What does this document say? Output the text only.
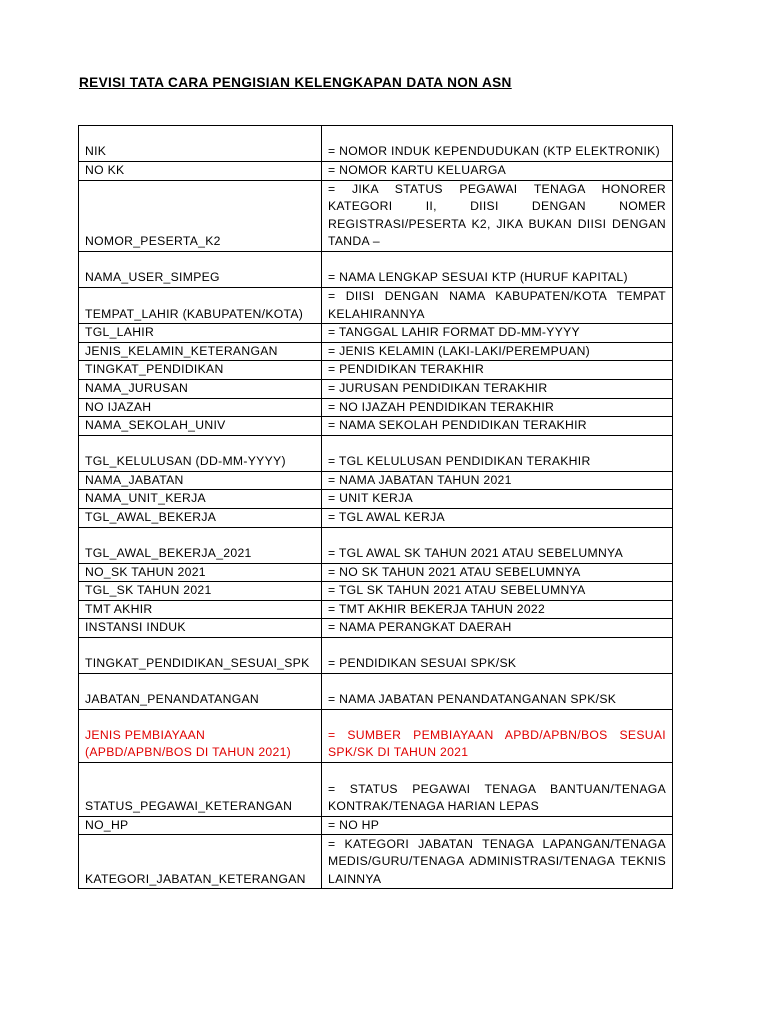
REVISI TATA CARA PENGISIAN KELENGKAPAN DATA NON ASN
NIK	= NOMOR INDUK KEPENDUDUKAN (KTP ELEKTRONIK)
NO KK	= NOMOR KARTU KELUARGA
NOMOR_PESERTA_K2	= JIKA STATUS PEGAWAI TENAGA HONORER KATEGORI II, DIISI DENGAN NOMER REGISTRASI/PESERTA K2, JIKA BUKAN DIISI DENGAN TANDA –
NAMA_USER_SIMPEG	= NAMA LENGKAP SESUAI KTP (HURUF KAPITAL)
TEMPAT_LAHIR (KABUPATEN/KOTA)	= DIISI DENGAN NAMA KABUPATEN/KOTA TEMPAT KELAHIRANNYA
TGL_LAHIR	= TANGGAL LAHIR FORMAT DD-MM-YYYY
JENIS_KELAMIN_KETERANGAN	= JENIS KELAMIN (LAKI-LAKI/PEREMPUAN)
TINGKAT_PENDIDIKAN	= PENDIDIKAN TERAKHIR
NAMA_JURUSAN	= JURUSAN PENDIDIKAN TERAKHIR
NO IJAZAH	= NO IJAZAH PENDIDIKAN TERAKHIR
NAMA_SEKOLAH_UNIV	= NAMA SEKOLAH PENDIDIKAN TERAKHIR
TGL_KELULUSAN (DD-MM-YYYY)	= TGL KELULUSAN PENDIDIKAN TERAKHIR
NAMA_JABATAN	= NAMA JABATAN TAHUN 2021
NAMA_UNIT_KERJA	= UNIT KERJA
TGL_AWAL_BEKERJA	= TGL AWAL KERJA
TGL_AWAL_BEKERJA_2021	= TGL AWAL SK TAHUN 2021 ATAU SEBELUMNYA
NO_SK TAHUN 2021	= NO SK TAHUN 2021 ATAU SEBELUMNYA
TGL_SK TAHUN 2021	= TGL SK TAHUN 2021 ATAU SEBELUMNYA
TMT AKHIR	= TMT AKHIR BEKERJA TAHUN 2022
INSTANSI INDUK	= NAMA PERANGKAT DAERAH
TINGKAT_PENDIDIKAN_SESUAI_SPK	= PENDIDIKAN SESUAI SPK/SK
JABATAN_PENANDATANGAN	= NAMA JABATAN PENANDATANGANAN SPK/SK
JENIS PEMBIAYAAN (APBD/APBN/BOS DI TAHUN 2021)	= SUMBER PEMBIAYAAN APBD/APBN/BOS SESUAI SPK/SK DI TAHUN 2021
STATUS_PEGAWAI_KETERANGAN	= STATUS PEGAWAI TENAGA BANTUAN/TENAGA KONTRAK/TENAGA HARIAN LEPAS
NO_HP	= NO HP
KATEGORI_JABATAN_KETERANGAN	= KATEGORI JABATAN TENAGA LAPANGAN/TENAGA MEDIS/GURU/TENAGA ADMINISTRASI/TENAGA TEKNIS LAINNYA
